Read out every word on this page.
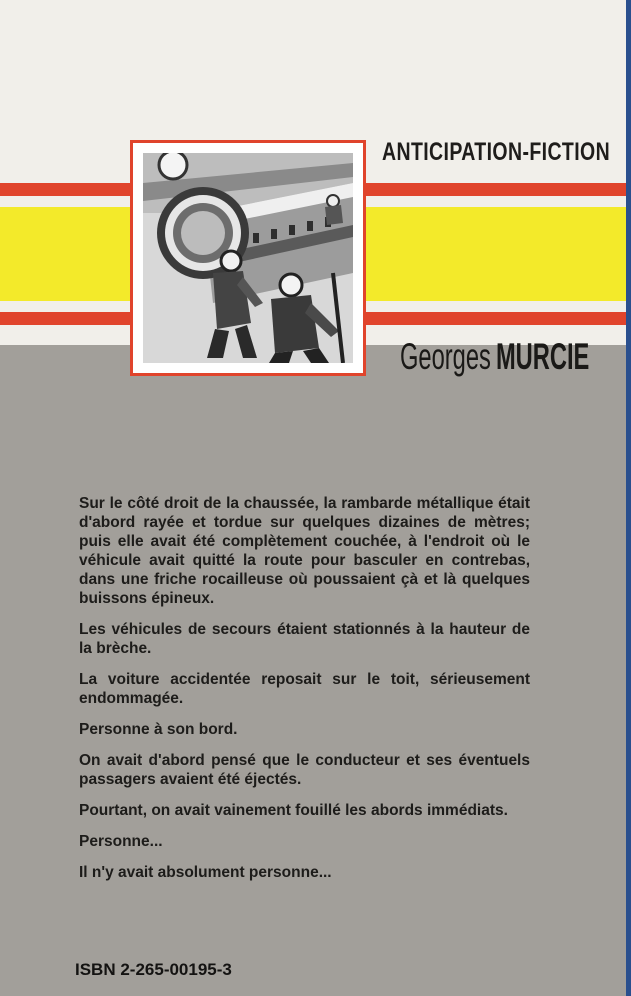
ANTICIPATION-FICTION
Georges MURCIE

Sur le côté droit de la chaussée, la rambarde métallique était d'abord rayée et tordue sur quelques dizaines de mètres; puis elle avait été complètement couchée, à l'endroit où le véhicule avait quitté la route pour basculer en contrebas, dans une friche rocailleuse où poussaient çà et là quelques buissons épineux.

Les véhicules de secours étaient stationnés à la hauteur de la brèche.

La voiture accidentée reposait sur le toit, sérieusement endommagée.

Personne à son bord.

On avait d'abord pensé que le conducteur et ses éventuels passagers avaient été éjectés.

Pourtant, on avait vainement fouillé les abords immédiats.

Personne...

Il n'y avait absolument personne...

ISBN 2-265-00195-3
